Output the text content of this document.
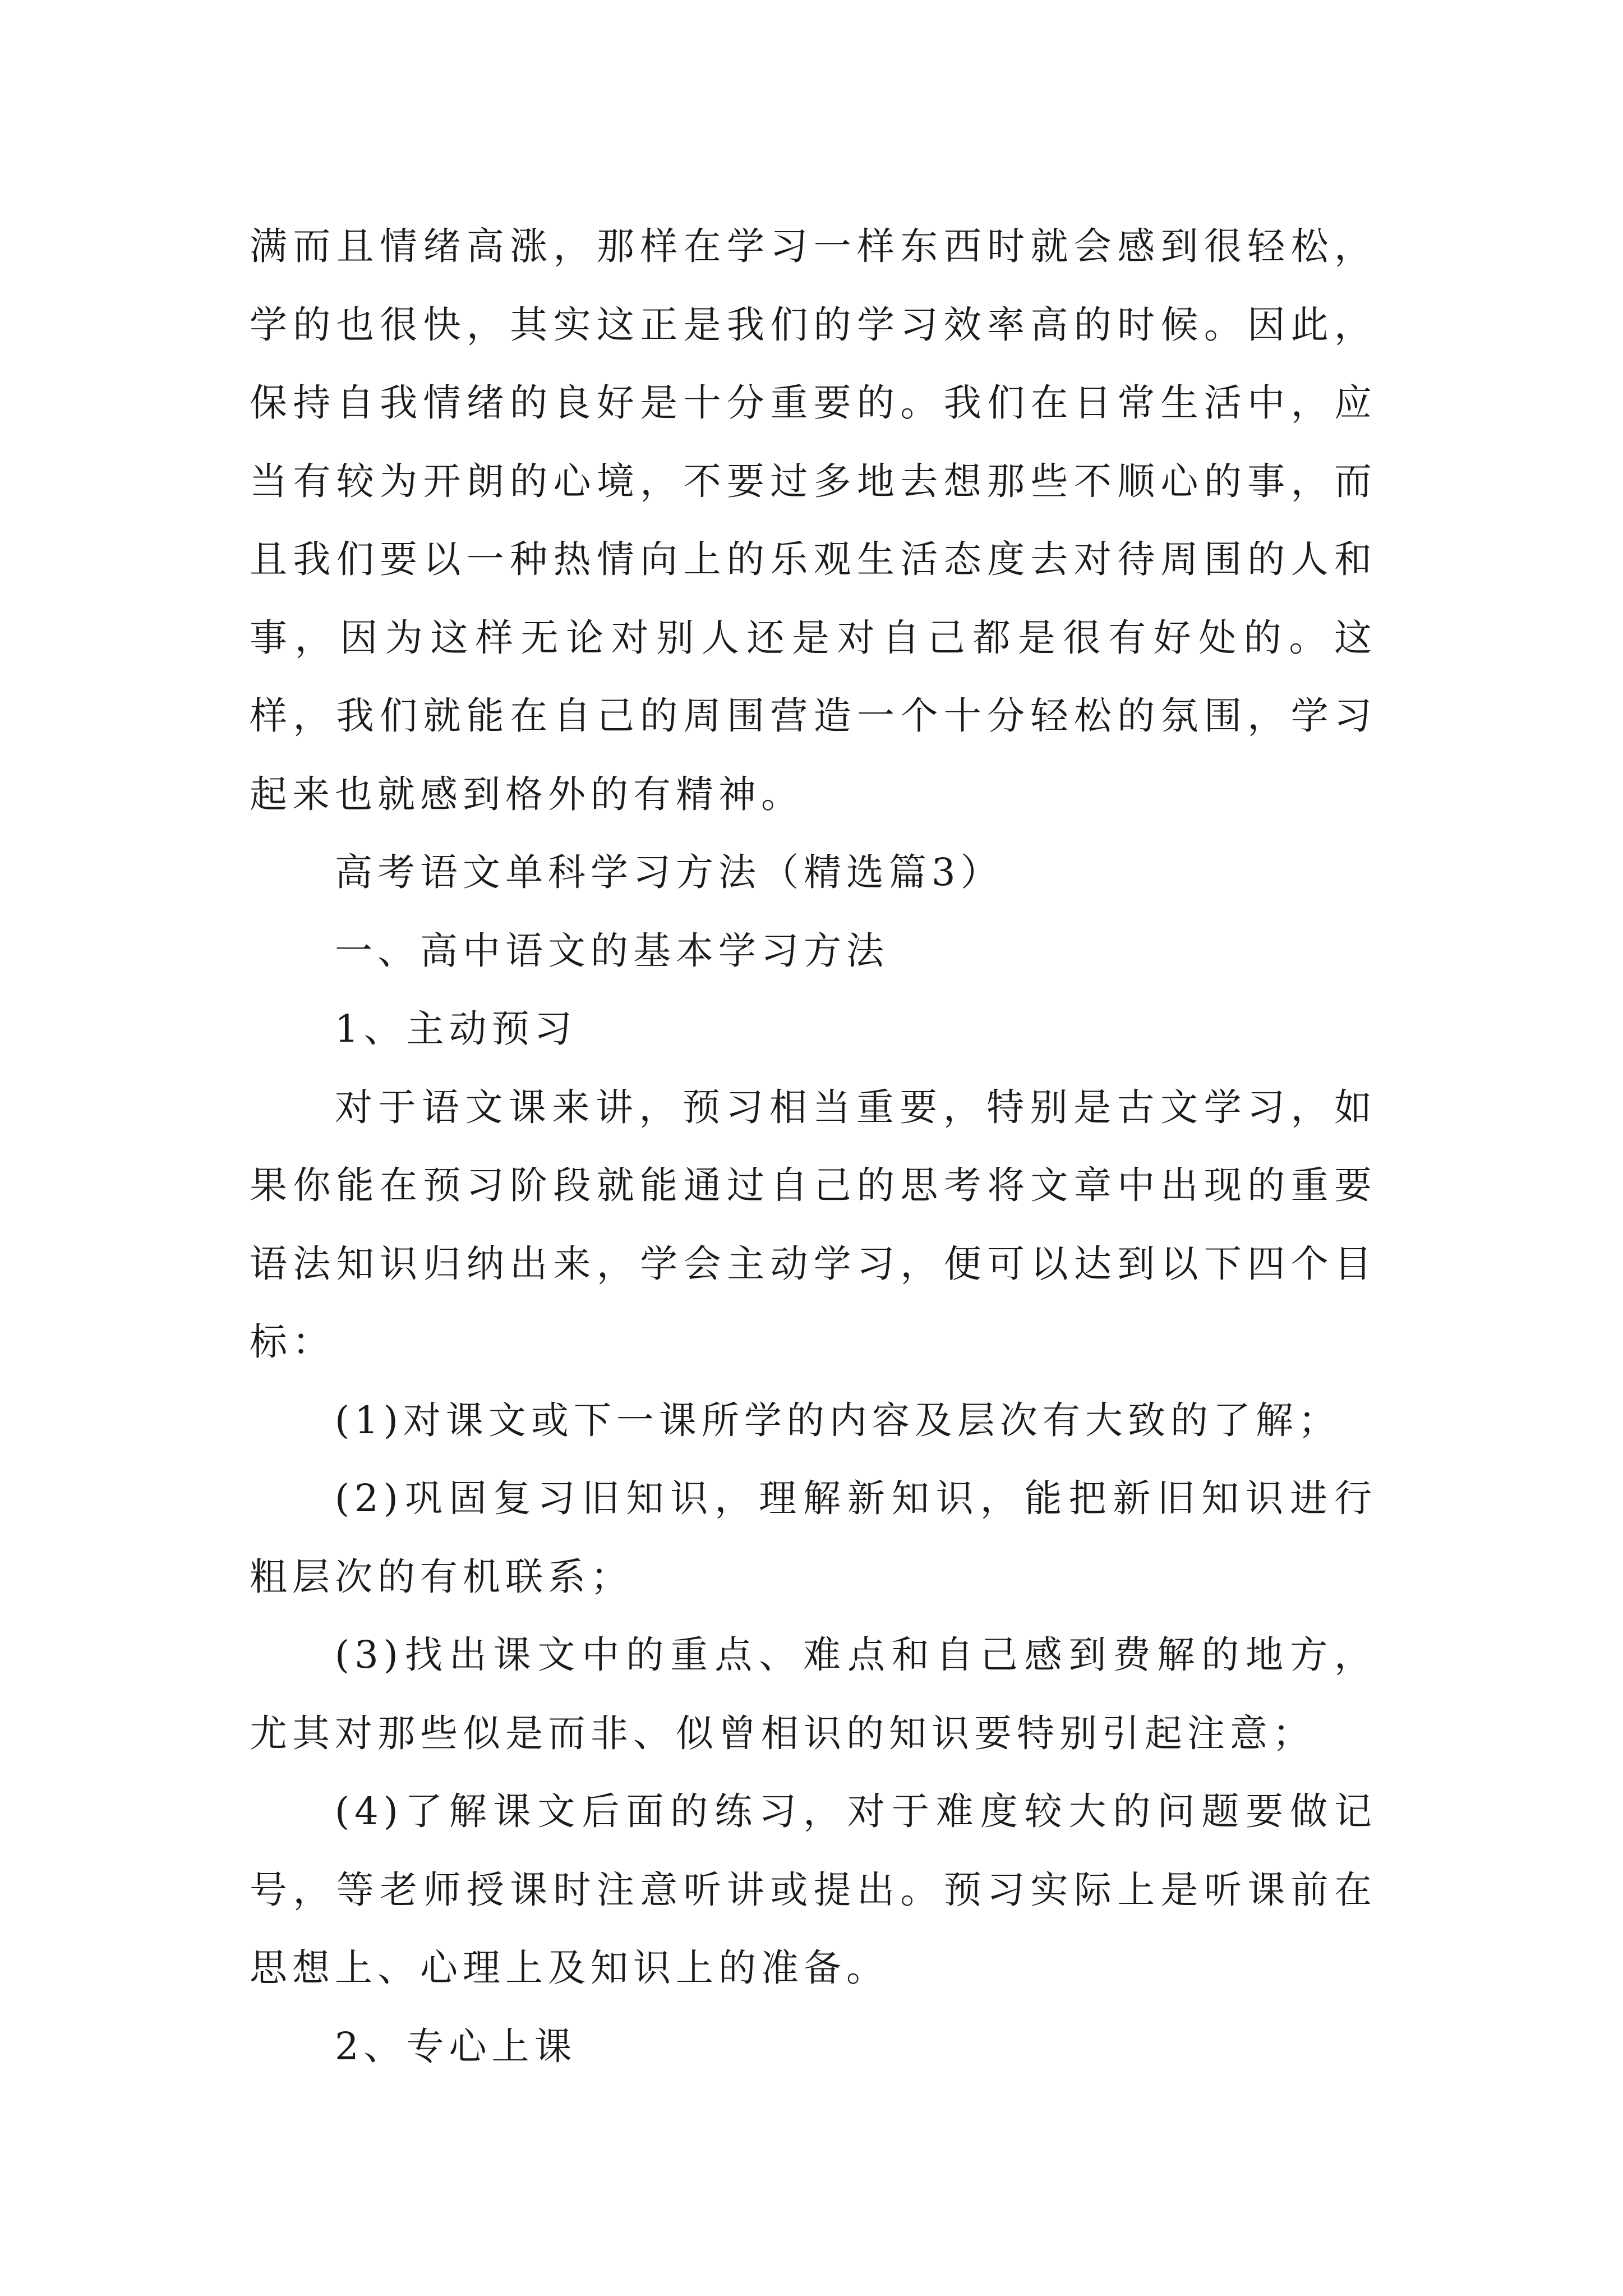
满而且情绪高涨，那样在学习一样东西时就会感到很轻松，学的也很快，其实这正是我们的学习效率高的时候。因此，保持自我情绪的良好是十分重要的。我们在日常生活中，应当有较为开朗的心境，不要过多地去想那些不顺心的事，而且我们要以一种热情向上的乐观生活态度去对待周围的人和事，因为这样无论对别人还是对自己都是很有好处的。这样，我们就能在自己的周围营造一个十分轻松的氛围，学习起来也就感到格外的有精神。

高考语文单科学习方法（精选篇3）

一、高中语文的基本学习方法

1、主动预习

对于语文课来讲，预习相当重要，特别是古文学习，如果你能在预习阶段就能通过自己的思考将文章中出现的重要语法知识归纳出来，学会主动学习，便可以达到以下四个目标：

(1)对课文或下一课所学的内容及层次有大致的了解；

(2)巩固复习旧知识，理解新知识，能把新旧知识进行粗层次的有机联系；

(3)找出课文中的重点、难点和自己感到费解的地方，尤其对那些似是而非、似曾相识的知识要特别引起注意；

(4)了解课文后面的练习，对于难度较大的问题要做记号，等老师授课时注意听讲或提出。预习实际上是听课前在思想上、心理上及知识上的准备。

2、专心上课
